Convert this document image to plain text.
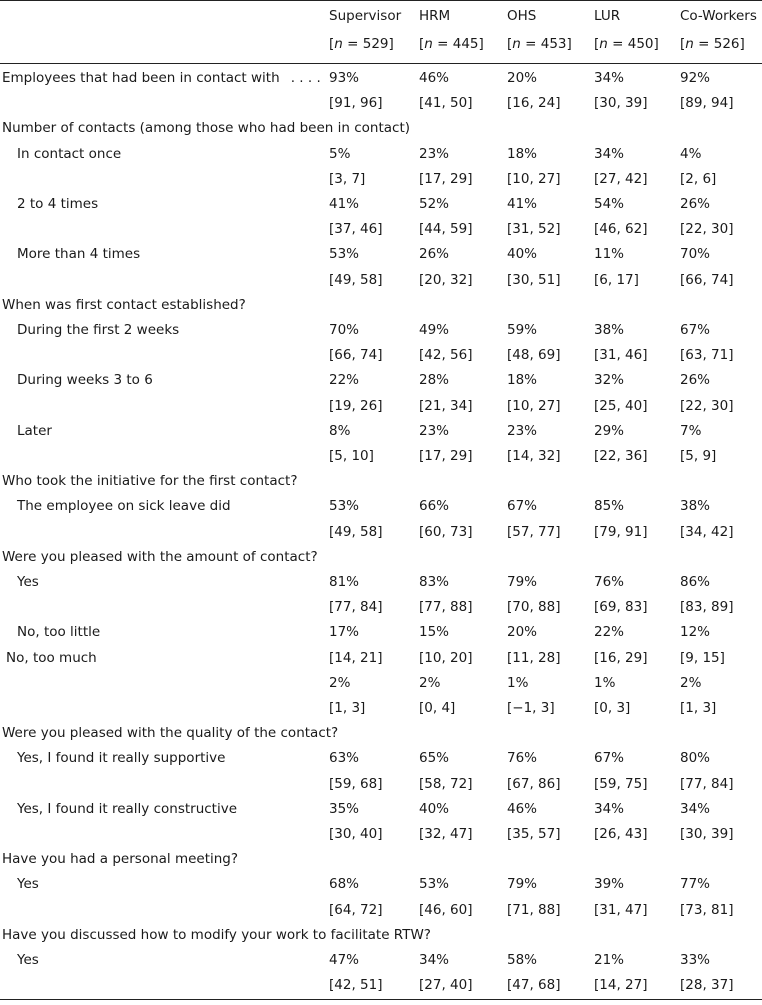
Supervisor HRM	OHS	LUR	Co-Workers
[n = 529] [n = 445] [n = 453] [n = 450] [n = 526]
Employees that had been in contact with  . . . . 93%	46%	20%	34%	92%
[91, 96]	[41, 50]	[16, 24] [30, 39] [89, 94]
Number of contacts (among those who had been in contact)
In contact once	5%	23%	18%	34%	4%
[3, 7]	[17, 29]	[10, 27] [27, 42] [2, 6]
2 to 4 times	41%	52%	41%	54%	26%
[37, 46]	[44, 59]	[31, 52] [46, 62] [22, 30]
More than 4 times	53%	26%	40%	11%	70%
[49, 58]	[20, 32]	[30, 51] [6, 17]	[66, 74]
When was first contact established?
During the first 2 weeks	70%	49%	59%	38%	67%
[66, 74]	[42, 56]	[48, 69] [31, 46] [63, 71]
During weeks 3 to 6	22%	28%	18%	32%	26%
[19, 26]	[21, 34]	[10, 27] [25, 40] [22, 30]
Later	8%	23%	23%	29%	7%
[5, 10]	[17, 29]	[14, 32] [22, 36] [5, 9]
Who took the initiative for the first contact?
The employee on sick leave did	53%	66%	67%	85%	38%
[49, 58]	[60, 73]	[57, 77] [79, 91] [34, 42]
Were you pleased with the amount of contact?
Yes	81%	83%	79%	76%	86%
[77, 84]	[77, 88]	[70, 88] [69, 83] [83, 89]
No, too little	17%	15%	20%	22%	12%
No, too much	[14, 21]	[10, 20]	[11, 28] [16, 29] [9, 15]
2%	2%	1%	1%	2%
[1, 3]	[0, 4]	[−1, 3]	[0, 3]	[1, 3]
Were you pleased with the quality of the contact?
Yes, I found it really supportive	63%	65%	76%	67%	80%
[59, 68]	[58, 72]	[67, 86] [59, 75] [77, 84]
Yes, I found it really constructive	35%	40%	46%	34%	34%
[30, 40]	[32, 47]	[35, 57] [26, 43] [30, 39]
Have you had a personal meeting?
Yes	68%	53%	79%	39%	77%
[64, 72]	[46, 60]	[71, 88] [31, 47] [73, 81]
Have you discussed how to modify your work to facilitate RTW?
Yes	47%	34%	58%	21%	33%
[42, 51]	[27, 40]	[47, 68] [14, 27] [28, 37]
